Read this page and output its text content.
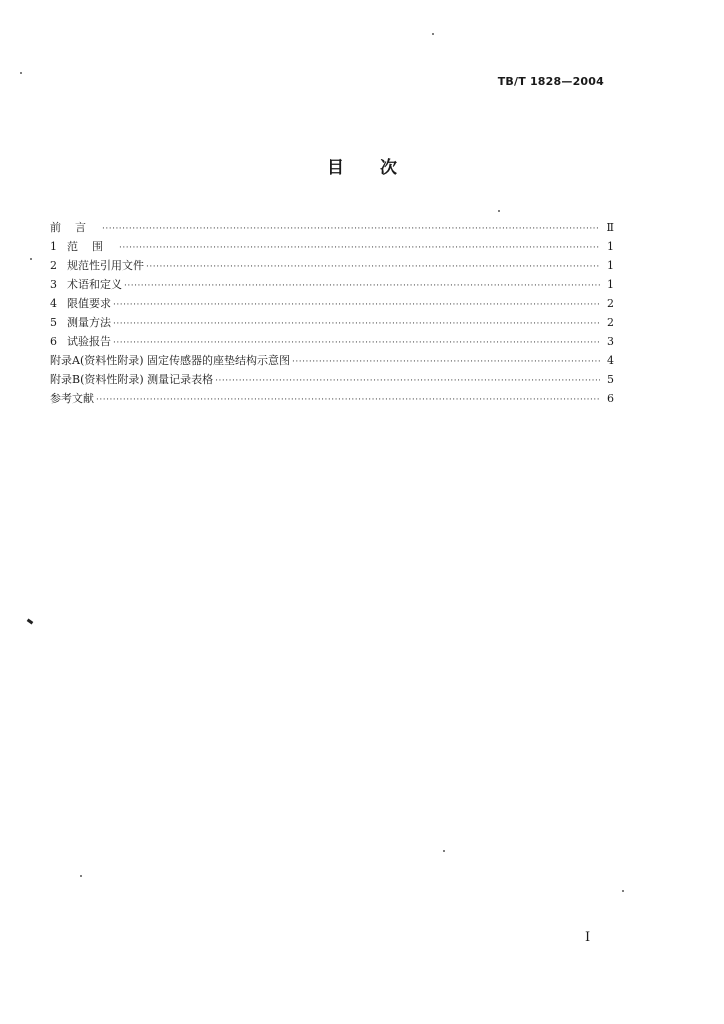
TB/T 1828—2004
目次
前言 ·····	Ⅱ
1 范围 ·····	1
2 规范性引用文件 ·····	1
3 术语和定义 ·····	1
4 限值要求 ·····	2
5 测量方法 ·····	2
6 试验报告 ·····	3
附录A(资料性附录) 固定传感器的座垫结构示意图 ·····	4
附录B(资料性附录) 测量记录表格 ·····	5
参考文献 ·····	6
I
